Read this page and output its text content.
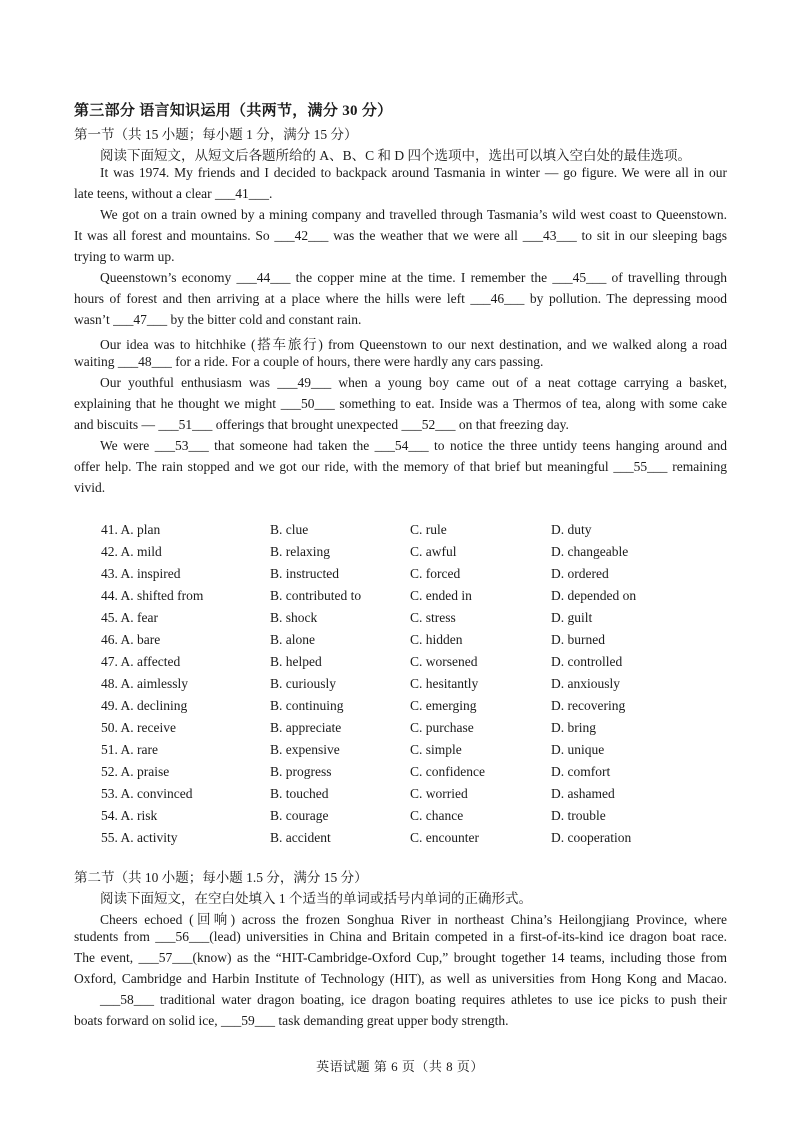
第三部分 语言知识运用（共两节，满分 30 分）
第一节（共 15 小题；每小题 1 分，满分 15 分）
阅读下面短文，从短文后各题所给的 A、B、C 和 D 四个选项中，选出可以填入空白处的最佳选项。
It was 1974. My friends and I decided to backpack around Tasmania in winter — go figure. We were all in our
late teens, without a clear ___41___.
We got on a train owned by a mining company and travelled through Tasmania’s wild west coast to Queenstown.
It was all forest and mountains. So ___42___ was the weather that we were all ___43___ to sit in our sleeping bags
trying to warm up.
Queenstown’s economy ___44___ the copper mine at the time. I remember the ___45___ of travelling through
hours of forest and then arriving at a place where the hills were left ___46___ by pollution. The depressing mood
wasn’t ___47___ by the bitter cold and constant rain.
Our idea was to hitchhike (搭车旅行) from Queenstown to our next destination, and we walked along a road
waiting ___48___ for a ride. For a couple of hours, there were hardly any cars passing.
Our youthful enthusiasm was ___49___ when a young boy came out of a neat cottage carrying a basket,
explaining that he thought we might ___50___ something to eat. Inside was a Thermos of tea, along with some cake
and biscuits — ___51___ offerings that brought unexpected ___52___ on that freezing day.
We were ___53___ that someone had taken the ___54___ to notice the three untidy teens hanging around and
offer help. The rain stopped and we got our ride, with the memory of that brief but meaningful ___55___ remaining
vivid.
41. A. plan	B. clue	C. rule	D. duty
42. A. mild	B. relaxing	C. awful	D. changeable
43. A. inspired	B. instructed	C. forced	D. ordered
44. A. shifted from	B. contributed to	C. ended in	D. depended on
45. A. fear	B. shock	C. stress	D. guilt
46. A. bare	B. alone	C. hidden	D. burned
47. A. affected	B. helped	C. worsened	D. controlled
48. A. aimlessly	B. curiously	C. hesitantly	D. anxiously
49. A. declining	B. continuing	C. emerging	D. recovering
50. A. receive	B. appreciate	C. purchase	D. bring
51. A. rare	B. expensive	C. simple	D. unique
52. A. praise	B. progress	C. confidence	D. comfort
53. A. convinced	B. touched	C. worried	D. ashamed
54. A. risk	B. courage	C. chance	D. trouble
55. A. activity	B. accident	C. encounter	D. cooperation
第二节（共 10 小题；每小题 1.5 分，满分 15 分）
阅读下面短文，在空白处填入 1 个适当的单词或括号内单词的正确形式。
Cheers echoed (回响) across the frozen Songhua River in northeast China’s Heilongjiang Province, where
students from ___56___(lead) universities in China and Britain competed in a first-of-its-kind ice dragon boat race.
The event, ___57___(know) as the “HIT-Cambridge-Oxford Cup,” brought together 14 teams, including those from
Oxford, Cambridge and Harbin Institute of Technology (HIT), as well as universities from Hong Kong and Macao.
___58___ traditional water dragon boating, ice dragon boating requires athletes to use ice picks to push their
boats forward on solid ice, ___59___ task demanding great upper body strength.
英语试题 第 6 页（共 8 页）
